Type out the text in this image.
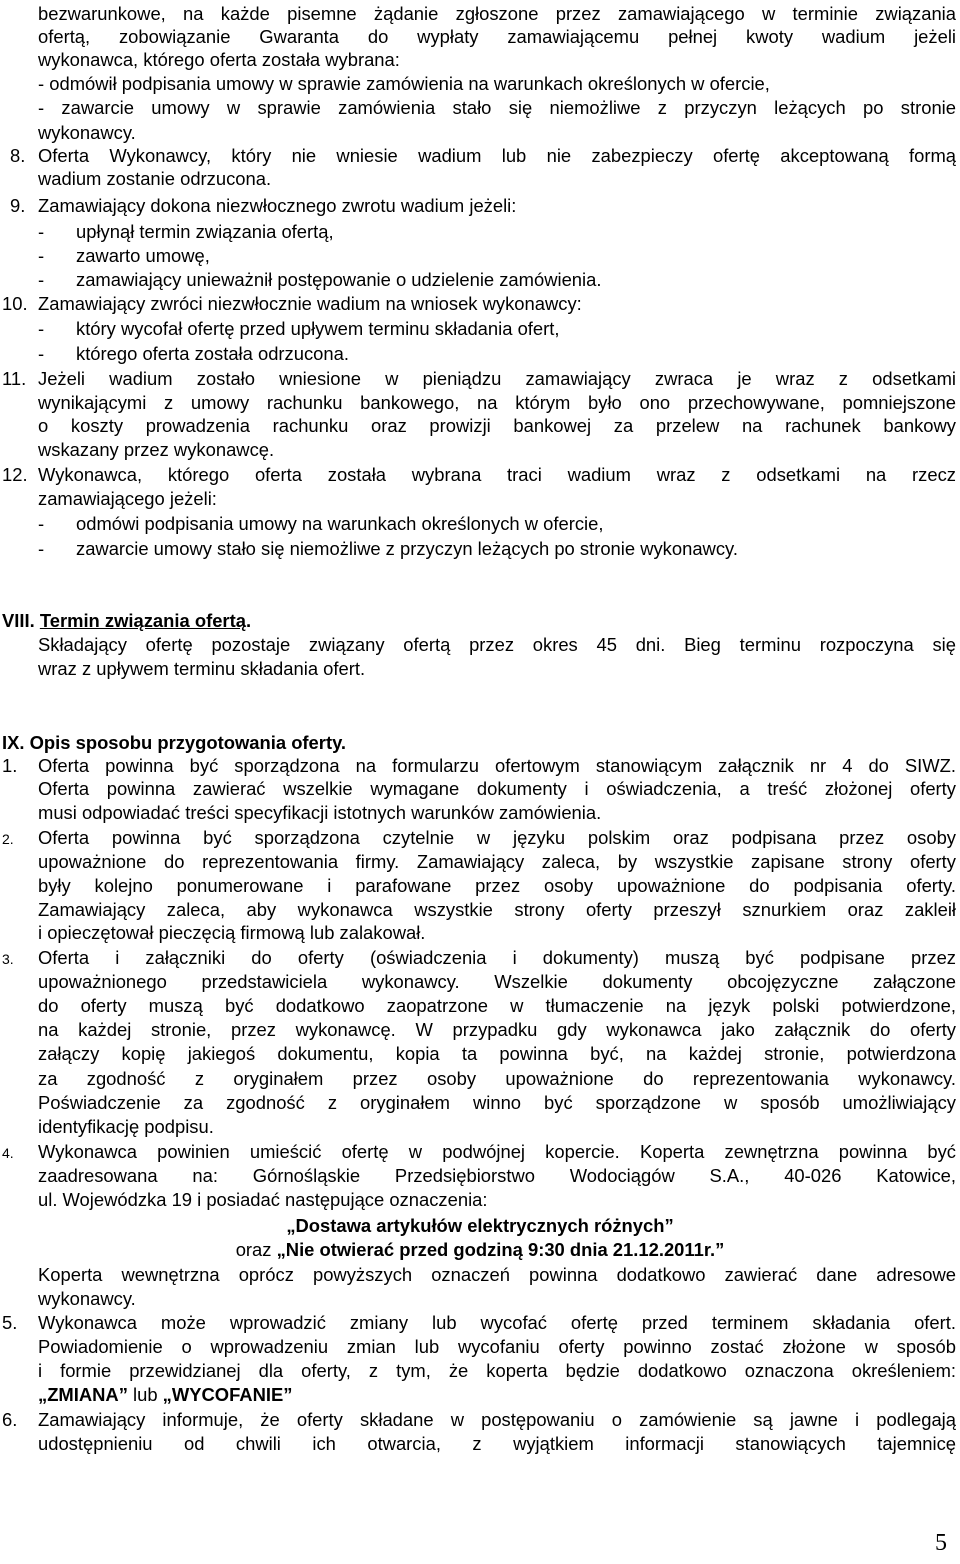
bezwarunkowe, na każde pisemne żądanie zgłoszone przez zamawiającego w terminie związania
ofertą, zobowiązanie Gwaranta do wypłaty zamawiającemu pełnej kwoty wadium jeżeli
wykonawca, którego oferta została wybrana:
- odmówił podpisania umowy w sprawie zamówienia na warunkach określonych w ofercie,
- zawarcie umowy w sprawie zamówienia stało się niemożliwe z przyczyn leżących po stronie
wykonawcy.
8. Oferta Wykonawcy, który nie wniesie wadium lub nie zabezpieczy ofertę akceptowaną formą
wadium zostanie odrzucona.
9. Zamawiający dokona niezwłocznego zwrotu wadium jeżeli:
- upłynął termin związania ofertą,
- zawarto umowę,
- zamawiający unieważnił postępowanie o udzielenie zamówienia.
10. Zamawiający zwróci niezwłocznie wadium na wniosek wykonawcy:
- który wycofał ofertę przed upływem terminu składania ofert,
- którego oferta została odrzucona.
11. Jeżeli wadium zostało wniesione w pieniądzu zamawiający zwraca je wraz z odsetkami
wynikającymi z umowy rachunku bankowego, na którym było ono przechowywane, pomniejszone
o koszty prowadzenia rachunku oraz prowizji bankowej za przelew na rachunek bankowy
wskazany przez wykonawcę.
12. Wykonawca, którego oferta została wybrana traci wadium wraz z odsetkami na rzecz
zamawiającego jeżeli:
- odmówi podpisania umowy na warunkach określonych w ofercie,
- zawarcie umowy stało się niemożliwe z przyczyn leżących po stronie wykonawcy.
VIII. Termin związania ofertą.
Składający ofertę pozostaje związany ofertą przez okres 45 dni. Bieg terminu rozpoczyna się
wraz z upływem terminu składania ofert.
IX. Opis sposobu przygotowania oferty.
1. Oferta powinna być sporządzona na formularzu ofertowym stanowiącym załącznik nr 4 do SIWZ.
Oferta powinna zawierać wszelkie wymagane dokumenty i oświadczenia, a treść złożonej oferty
musi odpowiadać treści specyfikacji istotnych warunków zamówienia.
2. Oferta powinna być sporządzona czytelnie w języku polskim oraz podpisana przez osoby
upoważnione do reprezentowania firmy. Zamawiający zaleca, by wszystkie zapisane strony oferty
były kolejno ponumerowane i parafowane przez osoby upoważnione do podpisania oferty.
Zamawiający zaleca, aby wykonawca wszystkie strony oferty przeszył sznurkiem oraz zakleił
i opieczętował pieczęcią firmową lub zalakował.
3. Oferta i załączniki do oferty (oświadczenia i dokumenty) muszą być podpisane przez
upoważnionego przedstawiciela wykonawcy. Wszelkie dokumenty obcojęzyczne załączone
do oferty muszą być dodatkowo zaopatrzone w tłumaczenie na język polski potwierdzone,
na każdej stronie, przez wykonawcę. W przypadku gdy wykonawca jako załącznik do oferty
załączy kopię jakiegoś dokumentu, kopia ta powinna być, na każdej stronie, potwierdzona
za zgodność z oryginałem przez osoby upoważnione do reprezentowania wykonawcy.
Poświadczenie za zgodność z oryginałem winno być sporządzone w sposób umożliwiający
identyfikację podpisu.
4. Wykonawca powinien umieścić ofertę w podwójnej kopercie. Koperta zewnętrzna powinna być
zaadresowana na: Górnośląskie Przedsiębiorstwo Wodociągów S.A., 40-026 Katowice,
ul. Wojewódzka 19 i posiadać następujące oznaczenia:
„Dostawa artykułów elektrycznych różnych”
oraz „Nie otwierać przed godziną 9:30 dnia 21.12.2011r.”
Koperta wewnętrzna oprócz powyższych oznaczeń powinna dodatkowo zawierać dane adresowe
wykonawcy.
5. Wykonawca może wprowadzić zmiany lub wycofać ofertę przed terminem składania ofert.
Powiadomienie o wprowadzeniu zmian lub wycofaniu oferty powinno zostać złożone w sposób
i formie przewidzianej dla oferty, z tym, że koperta będzie dodatkowo oznaczona określeniem:
„ZMIANA” lub „WYCOFANIE”
6. Zamawiający informuje, że oferty składane w postępowaniu o zamówienie są jawne i podlegają
udostępnieniu od chwili ich otwarcia, z wyjątkiem informacji stanowiących tajemnicę
5
